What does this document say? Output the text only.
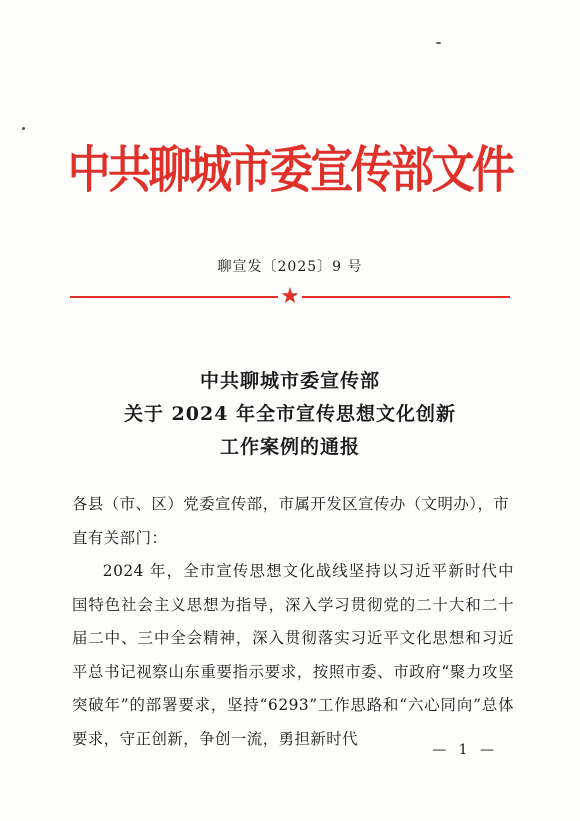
中共聊城市委宣传部文件
聊宣发〔2025〕9 号
★
中共聊城市委宣传部
关于 2024 年全市宣传思想文化创新
工作案例的通报

各县（市、区）党委宣传部，市属开发区宣传办（文明办），市直有关部门：

2024 年，全市宣传思想文化战线坚持以习近平新时代中国特色社会主义思想为指导，深入学习贯彻党的二十大和二十届二中、三中全会精神，深入贯彻落实习近平文化思想和习近平总书记视察山东重要指示要求，按照市委、市政府“聚力攻坚突破年”的部署要求，坚持“6293”工作思路和“六心同向”总体要求，守正创新，争创一流，勇担新时代

— 1 —
